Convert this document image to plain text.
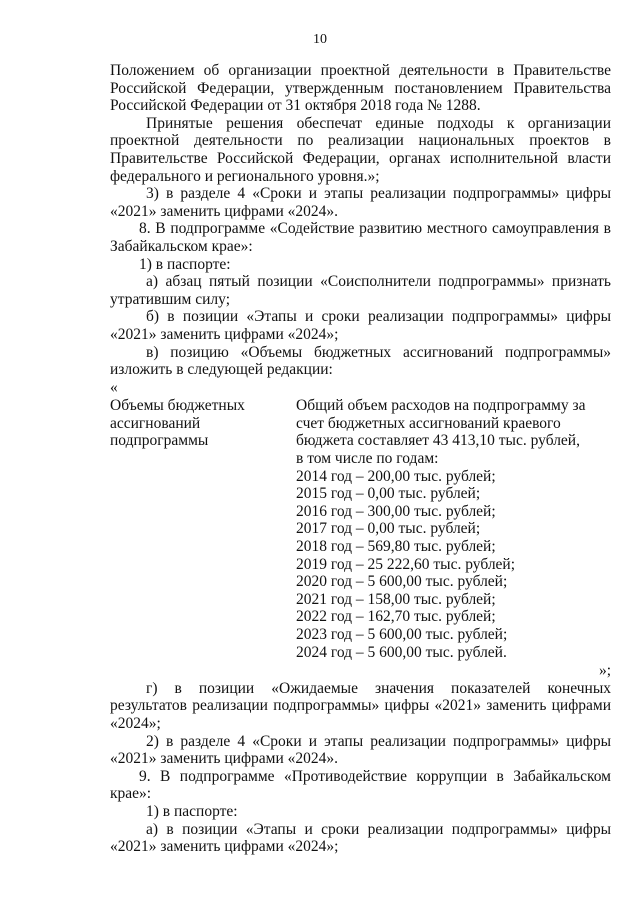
10

Положением об организации проектной деятельности в Правительстве Российской Федерации, утвержденным постановлением Правительства Российской Федерации от 31 октября 2018 года № 1288.

Принятые решения обеспечат единые подходы к организации проектной деятельности по реализации национальных проектов в Правительстве Российской Федерации, органах исполнительной власти федерального и регионального уровня.»;

3) в разделе 4 «Сроки и этапы реализации подпрограммы» цифры «2021» заменить цифрами «2024».

8. В подпрограмме «Содействие развитию местного самоуправления в Забайкальском крае»:

1) в паспорте:

а) абзац пятый позиции «Соисполнители подпрограммы» признать утратившим силу;

б) в позиции «Этапы и сроки реализации подпрограммы» цифры «2021» заменить цифрами «2024»;

в) позицию «Объемы бюджетных ассигнований подпрограммы» изложить в следующей редакции:

«

Объемы бюджетных
ассигнований
подпрограммы
Общий объем расходов на подпрограмму за
счет бюджетных ассигнований краевого
бюджета составляет 43 413,10 тыс. рублей,
в том числе по годам:
2014 год – 200,00 тыс. рублей;
2015 год – 0,00 тыс. рублей;
2016 год – 300,00 тыс. рублей;
2017 год – 0,00 тыс. рублей;
2018 год – 569,80 тыс. рублей;
2019 год – 25 222,60 тыс. рублей;
2020 год – 5 600,00 тыс. рублей;
2021 год – 158,00 тыс. рублей;
2022 год – 162,70 тыс. рублей;
2023 год – 5 600,00 тыс. рублей;
2024 год – 5 600,00 тыс. рублей.

»;

г) в позиции «Ожидаемые значения показателей конечных результатов реализации подпрограммы» цифры «2021» заменить цифрами «2024»;

2) в разделе 4 «Сроки и этапы реализации подпрограммы» цифры «2021» заменить цифрами «2024».

9. В подпрограмме «Противодействие коррупции в Забайкальском крае»:

1) в паспорте:

а) в позиции «Этапы и сроки реализации подпрограммы» цифры «2021» заменить цифрами «2024»;
